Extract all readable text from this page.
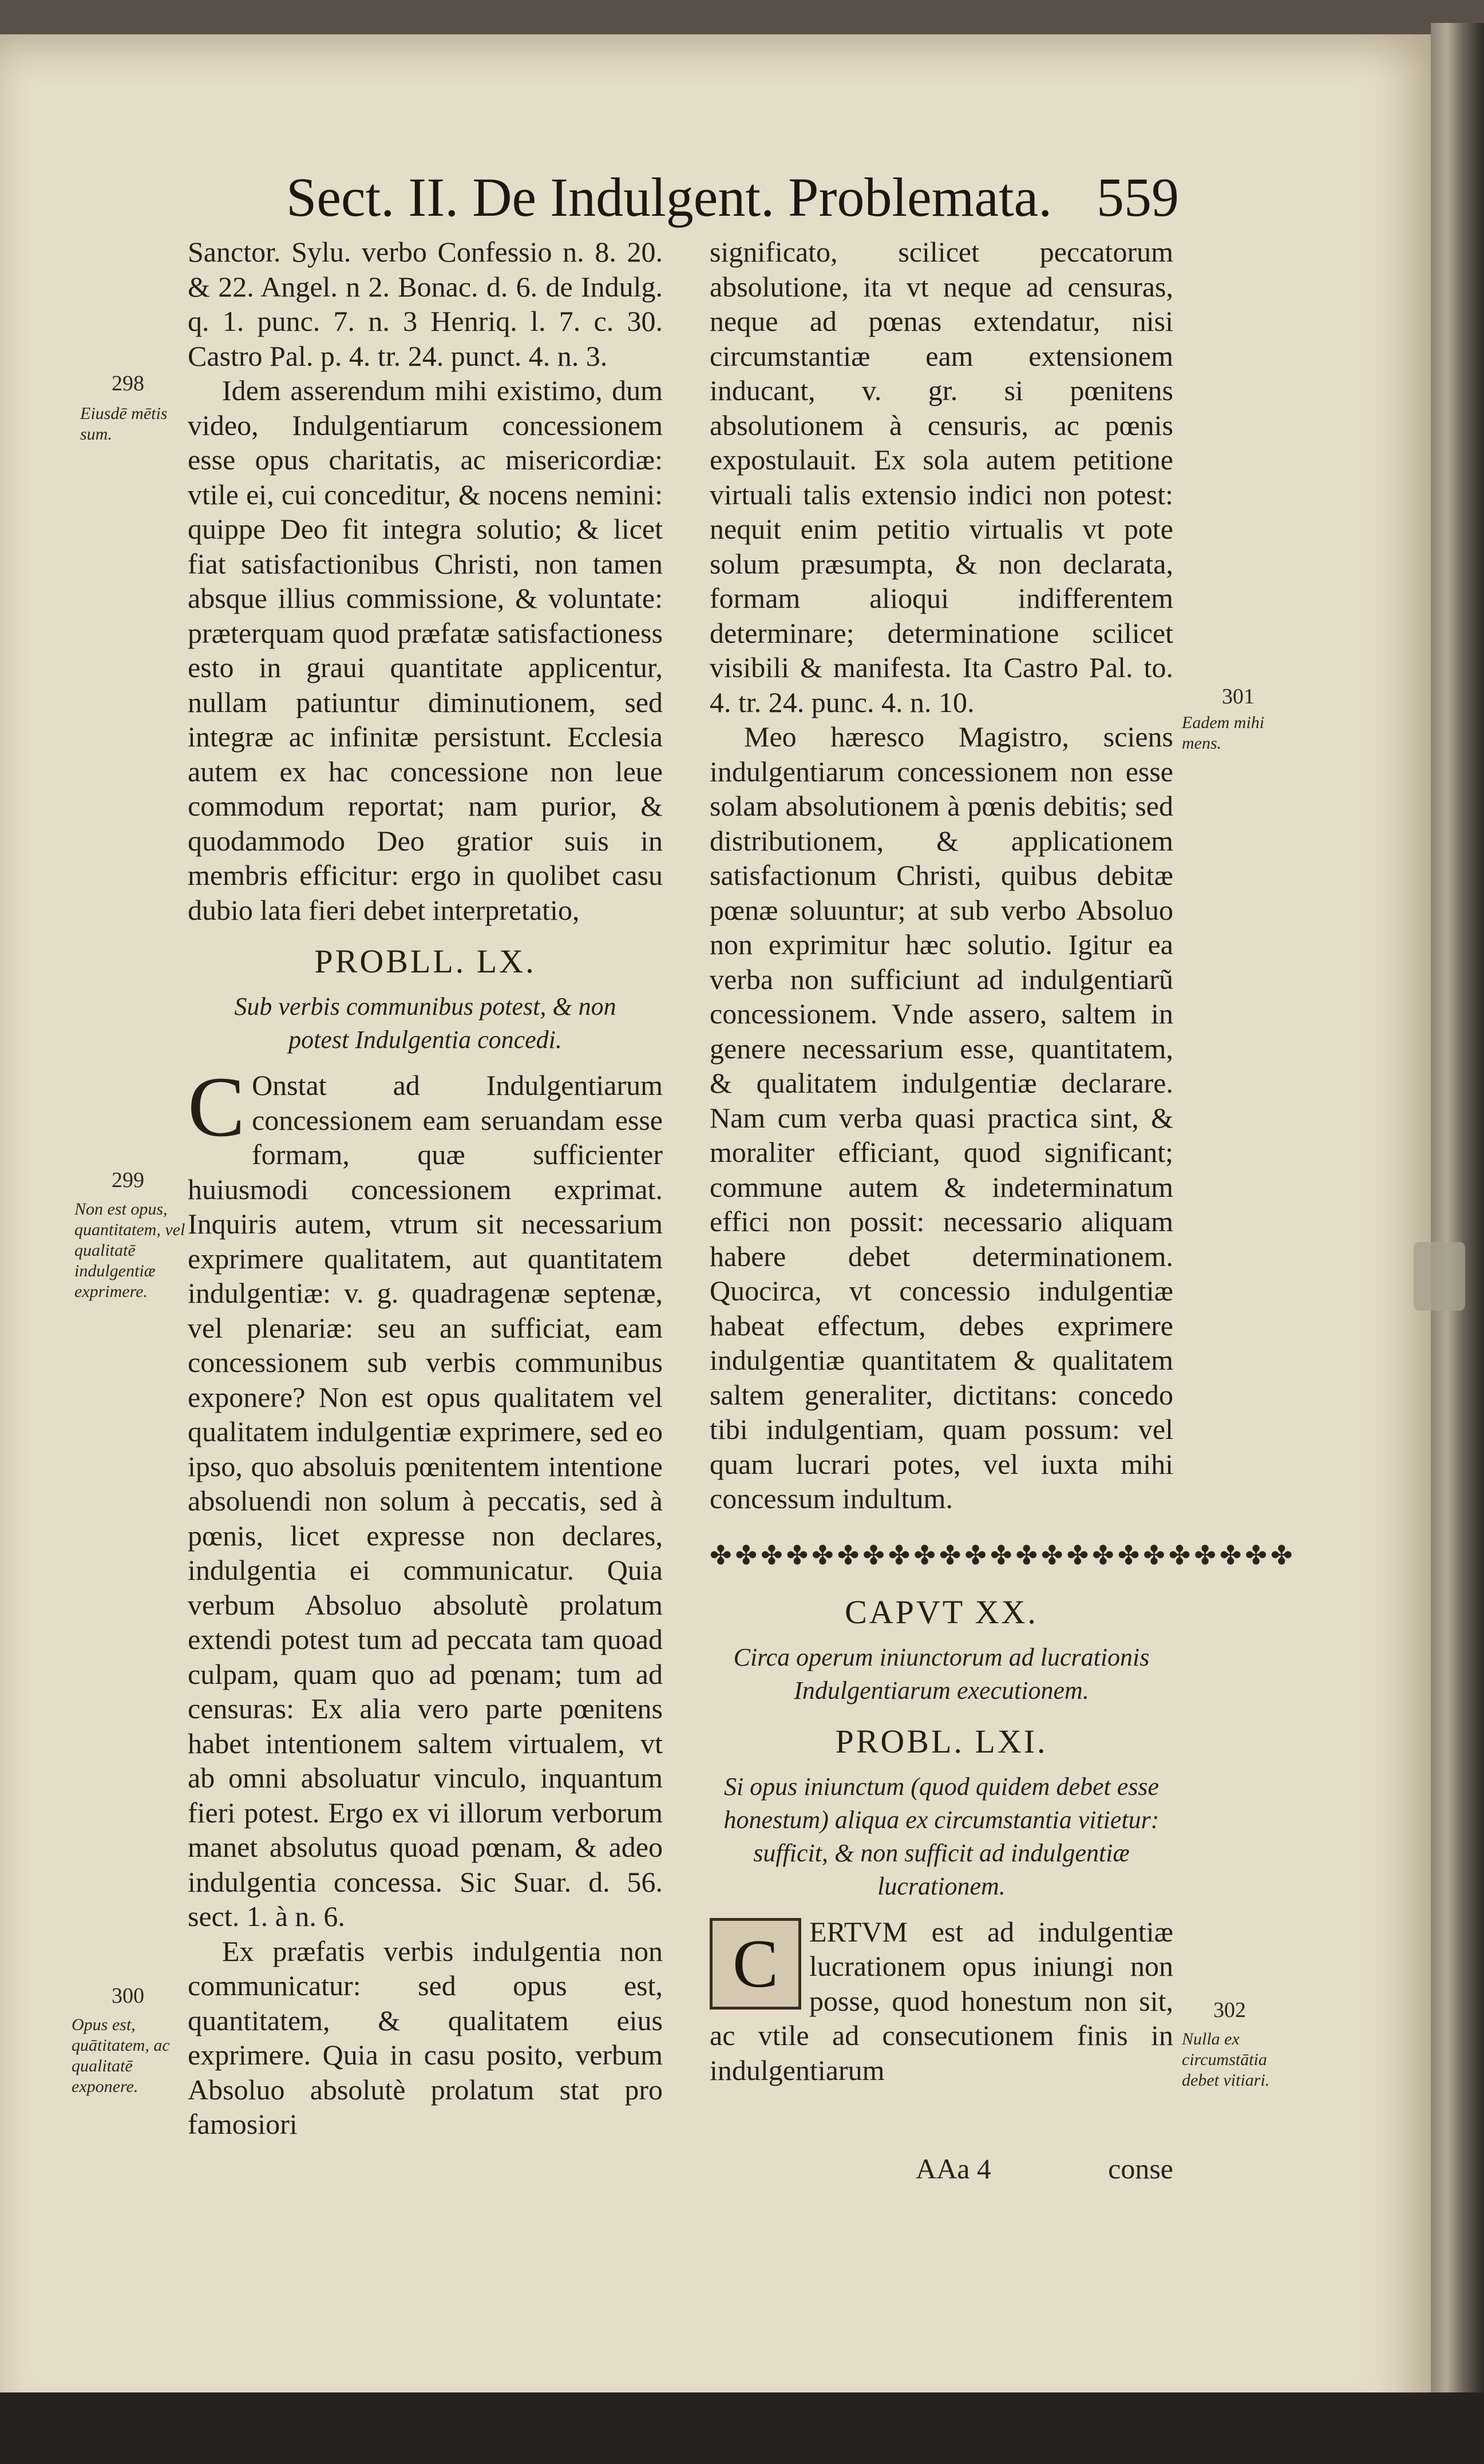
Sect. II. De Indulgent. Problemata. 559

Sanctor. Sylu. verbo Confessio n. 8. 20. & 22. Angel. n 2. Bonac. d. 6. de Indulg. q. 1. punc. 7. n. 3 Henriq. l. 7. c. 30. Castro Pal. p. 4. tr. 24. punct. 4. n. 3.

Idem asserendum mihi existimo, dum video, Indulgentiarum concessionem esse opus charitatis, ac misericordiæ: vtile ei, cui conceditur, & nocens nemini: quippe Deo fit integra solutio; & licet fiat satisfactionibus Christi, non tamen absque illius commissione, & voluntate: præterquam quod præfatæ satisfactioness esto in graui quantitate applicentur, nullam patiuntur diminutionem, sed integræ ac infinitæ persistunt. Ecclesia autem ex hac concessione non leue commodum reportat; nam purior, & quodammodo Deo gratior suis in membris efficitur: ergo in quolibet casu dubio lata fieri debet interpretatio,

PROBLL. LX.
Sub verbis communibus potest, & non potest Indulgentia concedi.

C Onstat ad Indulgentiarum concessionem eam seruandam esse formam, quæ sufficienter huiusmodi concessionem exprimat. Inquiris autem, vtrum sit necessarium exprimere qualitatem, aut quantitatem indulgentiæ: v. g. quadragenæ septenæ, vel plenariæ: seu an sufficiat, eam concessionem sub verbis communibus exponere? Non est opus qualitatem vel qualitatem indulgentiæ exprimere, sed eo ipso, quo absoluis pœnitentem intentione absoluendi non solum à peccatis, sed à pœnis, licet expresse non declares, indulgentia ei communicatur. Quia verbum Absoluo absolutè prolatum extendi potest tum ad peccata tam quoad culpam, quam quo ad pœnam; tum ad censuras: Ex alia vero parte pœnitens habet intentionem saltem virtualem, vt ab omni absoluatur vinculo, inquantum fieri potest. Ergo ex vi illorum verborum manet absolutus quoad pœnam, & adeo indulgentia concessa. Sic Suar. d. 56. sect. 1. à n. 6.

Ex præfatis verbis indulgentia non communicatur: sed opus est, quantitatem, & qualitatem eius exprimere. Quia in casu posito, verbum Absoluo absolutè prolatum stat pro famosiori

significato, scilicet peccatorum absolutione, ita vt neque ad censuras, neque ad pœnas extendatur, nisi circumstantiæ eam extensionem inducant, v. gr. si pœnitens absolutionem à censuris, ac pœnis expostulauit. Ex sola autem petitione virtuali talis extensio indici non potest: nequit enim petitio virtualis vt pote solum præsumpta, & non declarata, formam alioqui indifferentem determinare; determinatione scilicet visibili & manifesta. Ita Castro Pal. to. 4. tr. 24. punc. 4. n. 10.

Meo hæresco Magistro, sciens indulgentiarum concessionem non esse solam absolutionem à pœnis debitis; sed distributionem, & applicationem satisfactionum Christi, quibus debitæ pœnæ soluuntur; at sub verbo Absoluo non exprimitur hæc solutio. Igitur ea verba non sufficiunt ad indulgentiarũ concessionem. Vnde assero, saltem in genere necessarium esse, quantitatem, & qualitatem indulgentiæ declarare. Nam cum verba quasi practica sint, & moraliter efficiant, quod significant; commune autem & indeterminatum effici non possit: necessario aliquam habere debet determinationem. Quocirca, vt concessio indulgentiæ habeat effectum, debes exprimere indulgentiæ quantitatem & qualitatem saltem generaliter, dictitans: concedo tibi indulgentiam, quam possum: vel quam lucrari potes, vel iuxta mihi concessum indultum.

✤✤✤✤✤✤✤✤✤✤✤✤✤✤✤✤✤✤✤✤✤✤✤
CAPVT XX.
Circa operum iniunctorum ad lucrationis Indulgentiarum executionem.
PROBL. LXI.
Si opus iniunctum (quod quidem debet esse honestum) aliqua ex circumstantia vitietur: sufficit, & non sufficit ad indulgentiæ lucrationem.

C	ERTVM est ad indulgentiæ lucrationem opus iniungi non posse, quod honestum non sit, ac vtile ad consecutionem finis in indulgentiarum

298
Eiusdē mētis sum.
299
Non est opus, quantitatem, vel qualitatē indulgentiæ exprimere.
300
Opus est, quātitatem, ac qualitatē exponere.
301
Eadem mihi mens.
302
Nulla ex circumstātia debet vitiari.
AAa 4	conse
